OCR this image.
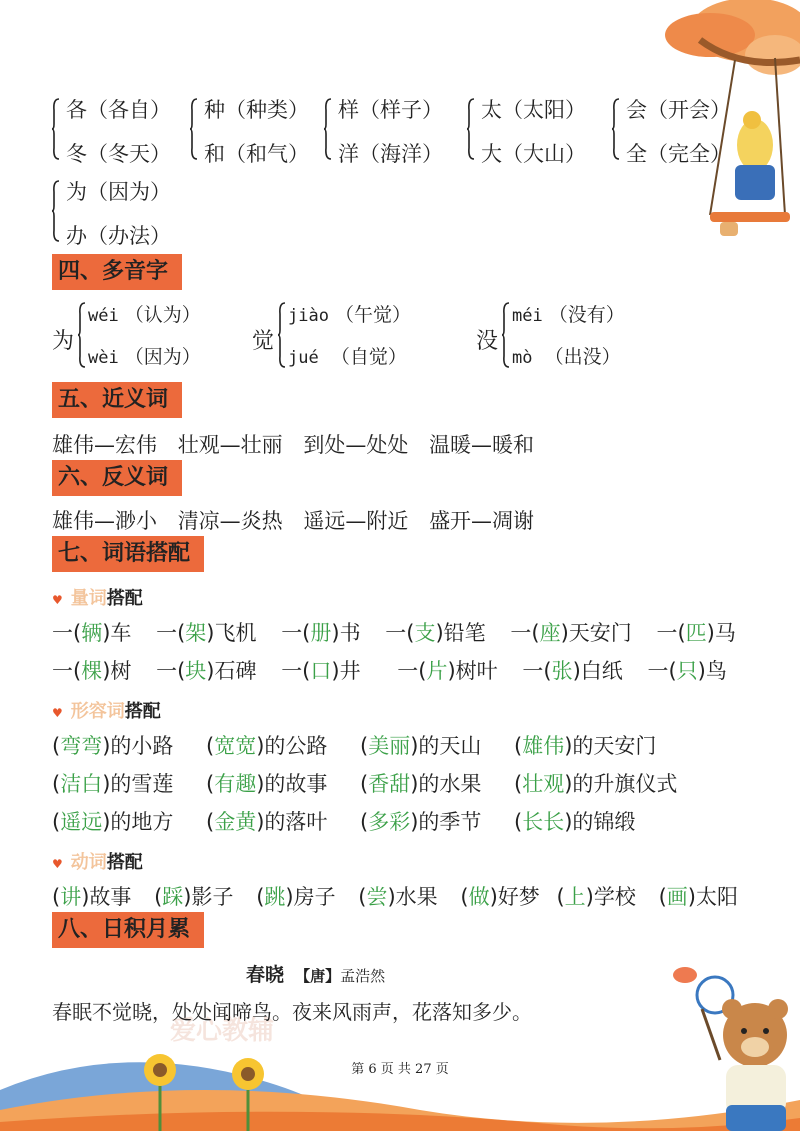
各（各自）
冬（冬天）
种（种类）
和（和气）
样（样子）
洋（海洋）
太（太阳）
大（大山）
会（开会）
全（完全）
为（因为）
办（办法）
四、多音字
为
wéi （认为）
wèi （因为）
觉
jiào （午觉）
jué （自觉）
没
méi （没有）
mò （出没）
五、近义词
雄伟—宏伟 壮观—壮丽 到处—处处 温暖—暖和
六、反义词
雄伟—渺小 清凉—炎热 遥远—附近 盛开—凋谢
七、词语搭配
♥ 量词搭配
一(辆)车 一(架)飞机 一(册)书 一(支)铅笔 一(座)天安门 一(匹)马
一(棵)树 一(块)石碑 一(口)井 一(片)树叶 一(张)白纸 一(只)鸟
♥ 形容词搭配
(弯弯)的小路 (宽宽)的公路 (美丽)的天山 (雄伟)的天安门
(洁白)的雪莲 (有趣)的故事 (香甜)的水果 (壮观)的升旗仪式
(遥远)的地方 (金黄)的落叶 (多彩)的季节 (长长)的锦缎
♥ 动词搭配
(讲)故事 (踩)影子 (跳)房子 (尝)水果 (做)好梦 (上)学校 (画)太阳
八、日积月累
春晓 【唐】孟浩然
爱心教辅
春眠不觉晓，处处闻啼鸟。夜来风雨声，花落知多少。
第 6 页 共 27 页
